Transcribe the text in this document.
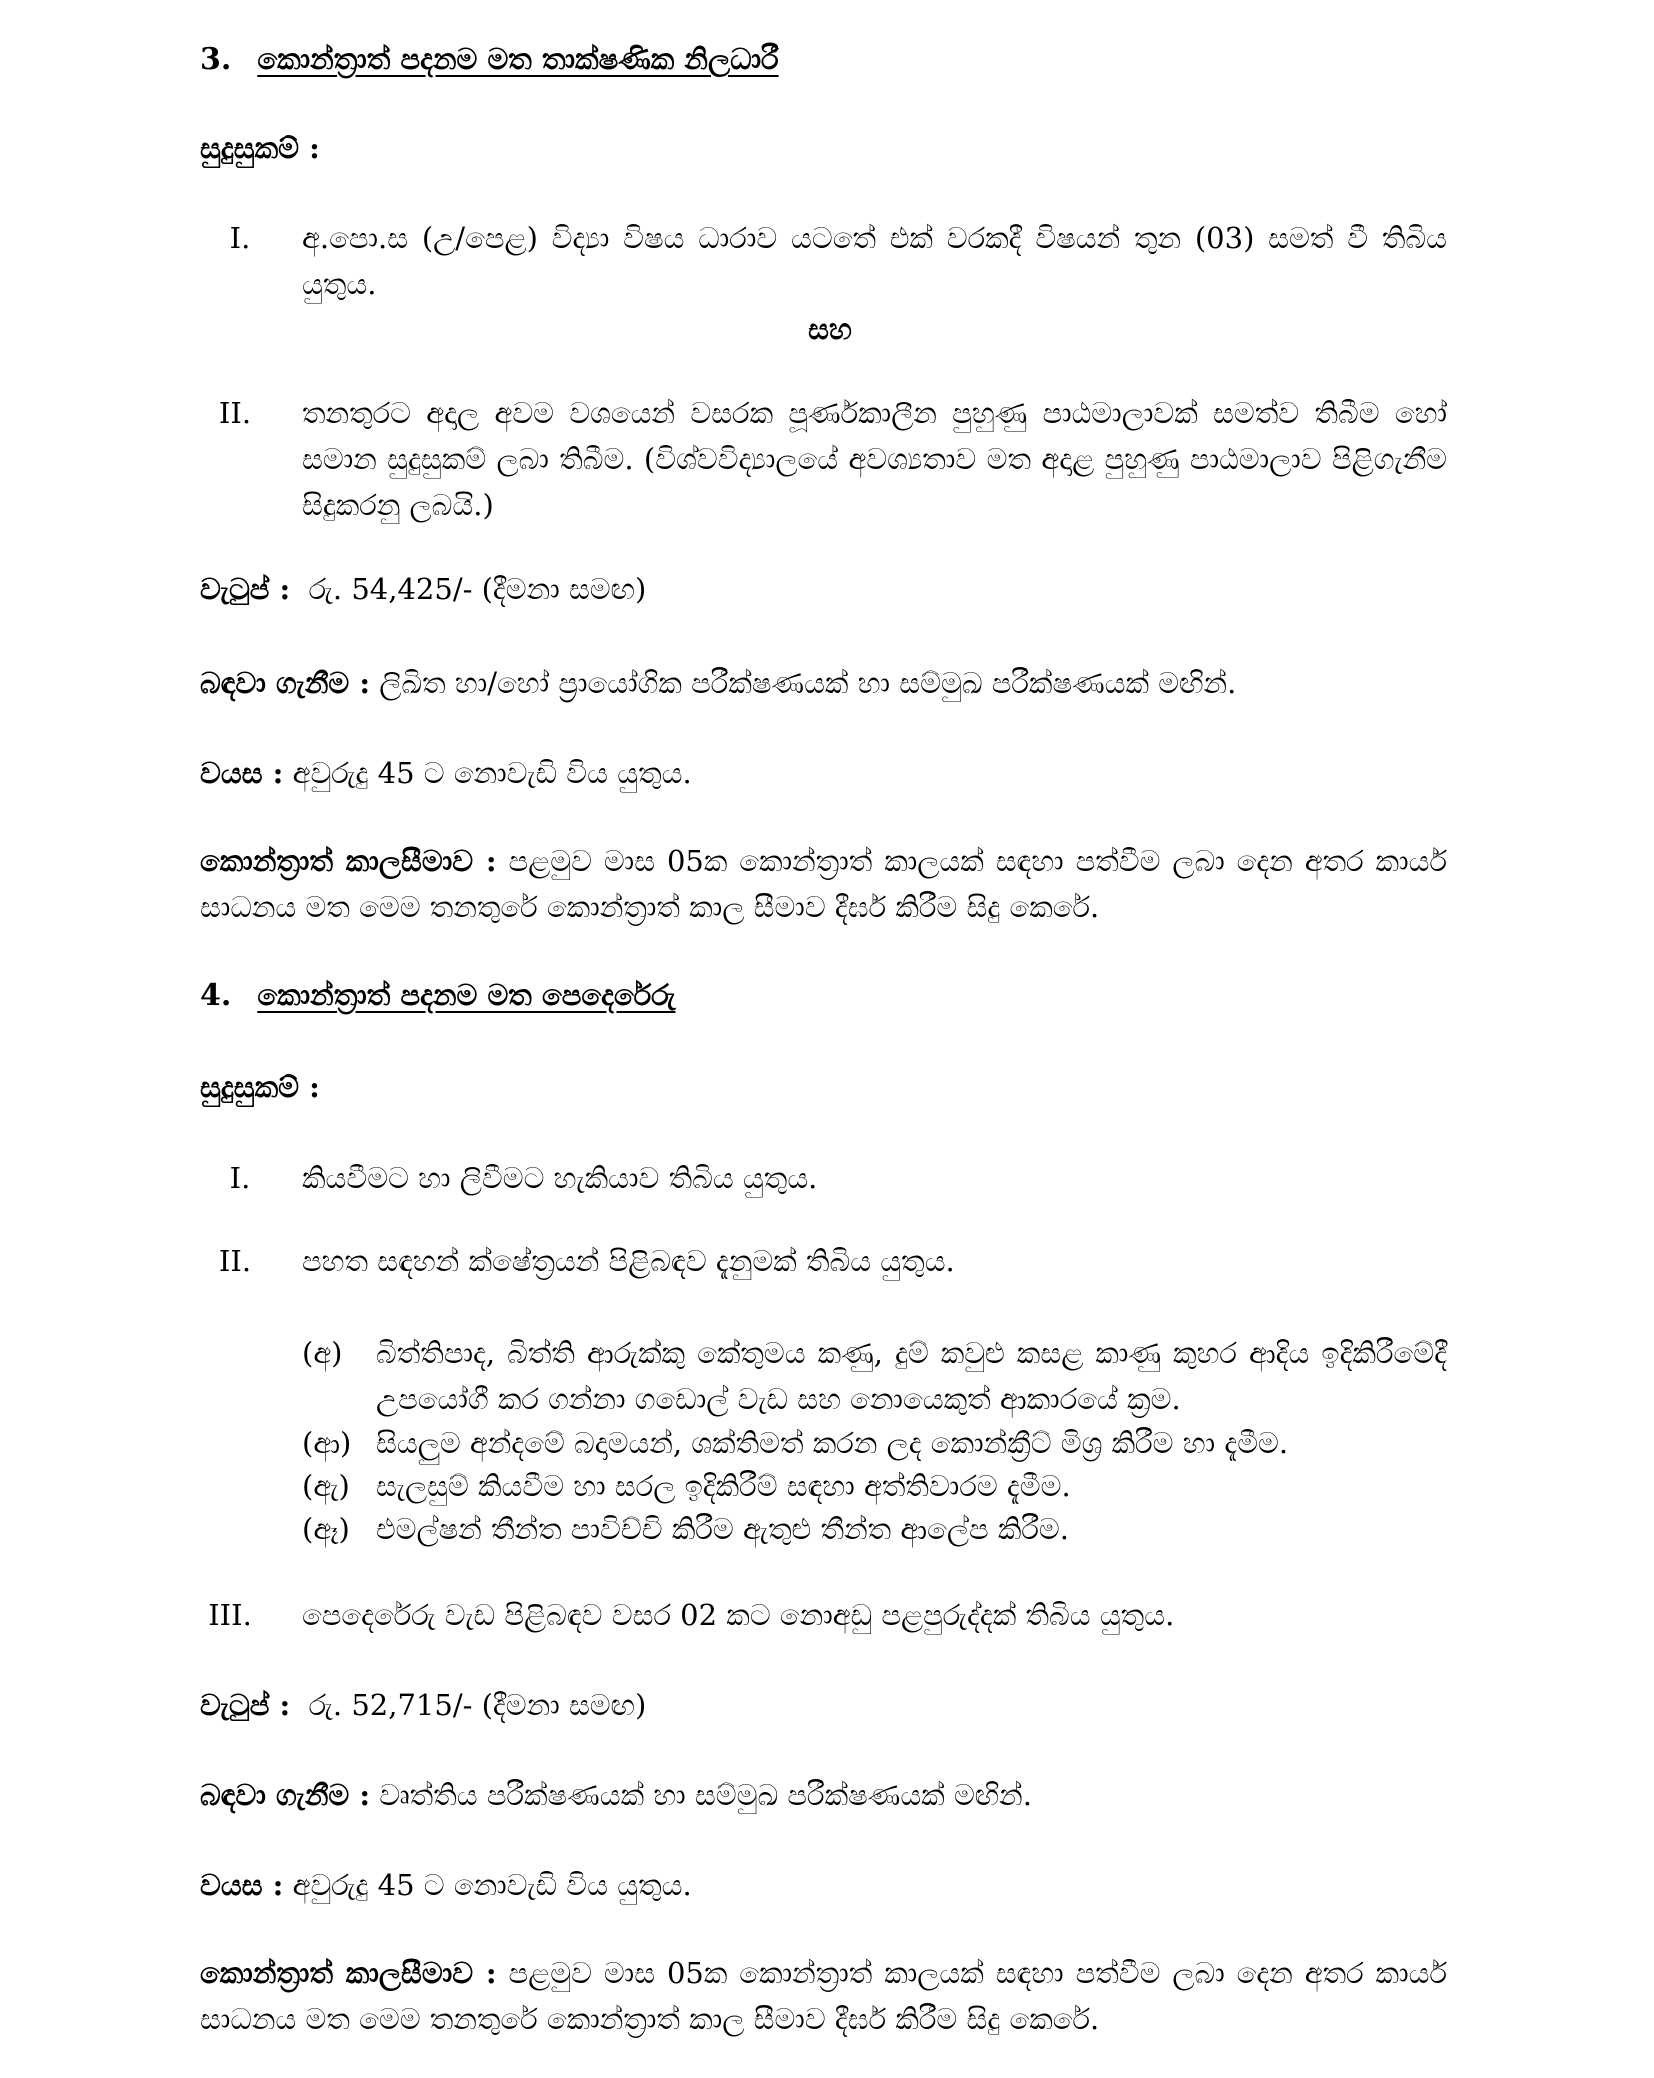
3. කොන්ත්‍රාත් පදනම මත තාක්ෂණික නිලධාරී
සුදුසුකම් :
I.	අ.පො.ස (උ/පෙළ) විද්‍යා විෂය ධාරාව යටතේ එක් වරකදී විෂයන් තුන (03) සමත් වී තිබිය යුතුය.
සහ
II.	තනතුරට අදාල අවම වශයෙන් වසරක පූර්ණකාලීන පුහුණු පාඨමාලාවක් සමත්ව තිබීම හෝ සමාන සුදුසුකම් ලබා තිබීම. (විශ්වවිද්‍යාලයේ අවශ්‍යතාව මත අදාළ පුහුණු පාඨමාලාව පිළිගැනීම සිදුකරනු ලබයි.)
වැටුප් : රු. 54,425/- (දීමනා සමඟ)
බඳවා ගැනීම : ලිඛිත හා/හෝ ප්‍රායෝගික පරීක්ෂණයක් හා සම්මුඛ පරීක්ෂණයක් මඟින්.
වයස : අවුරුදු 45 ට නොවැඩි විය යුතුය.
කොන්ත්‍රාත් කාලසීමාව : පළමුව මාස 05ක කොන්ත්‍රාත් කාලයක් සඳහා පත්වීම ලබා දෙන අතර කාර්ය සාධනය මත මෙම තනතුරේ කොන්ත්‍රාත් කාල සීමාව දීර්ඝ කිරීම සිදු කෙරේ.
4. කොන්ත්‍රාත් පදනම මත පෙදෙරේරු
සුදුසුකම් :
I.	කියවීමට හා ලිවීමට හැකියාව තිබිය යුතුය.
II.	පහත සඳහන් ක්ෂේත්‍රයන් පිළිබඳව දැනුමක් තිබිය යුතුය.
(අ) බිත්තිපාද, බිත්ති ආරුක්කු කේතුමය කණු, දුම් කවුළු කසළ කාණු කුහර ආදිය ඉදිකිරීමේදී උපයෝගී කර ගන්නා ගඩොල් වැඩ සහ නොයෙකුත් ආකාරයේ ක්‍රම.
(ආ) සියලුම අන්දමේ බදාමයන්, ශක්තිමත් කරන ලද කොන්ක්‍රීට් මිශ්‍ර කිරීම හා දැමීම.
(ඇ) සැලසුම් කියවීම හා සරල ඉදිකිරීම් සඳහා අත්තිවාරම දැමීම.
(ඈ) එමල්ෂන් තීන්ත පාවිච්චි කිරීම ඇතුළු තීන්ත ආලේප කිරීම.
III.	පෙදෙරේරු වැඩ පිළිබඳව වසර 02 කට නොඅඩු පළපුරුද්දක් තිබිය යුතුය.
වැටුප් : රු. 52,715/- (දීමනා සමඟ)
බඳවා ගැනීම : වෘත්තිය පරීක්ෂණයක් හා සම්මුඛ පරීක්ෂණයක් මඟින්.
වයස : අවුරුදු 45 ට නොවැඩි විය යුතුය.
කොන්ත්‍රාත් කාලසීමාව : පළමුව මාස 05ක කොන්ත්‍රාත් කාලයක් සඳහා පත්වීම ලබා දෙන අතර කාර්ය සාධනය මත මෙම තනතුරේ කොන්ත්‍රාත් කාල සීමාව දීර්ඝ කිරීම සිදු කෙරේ.
